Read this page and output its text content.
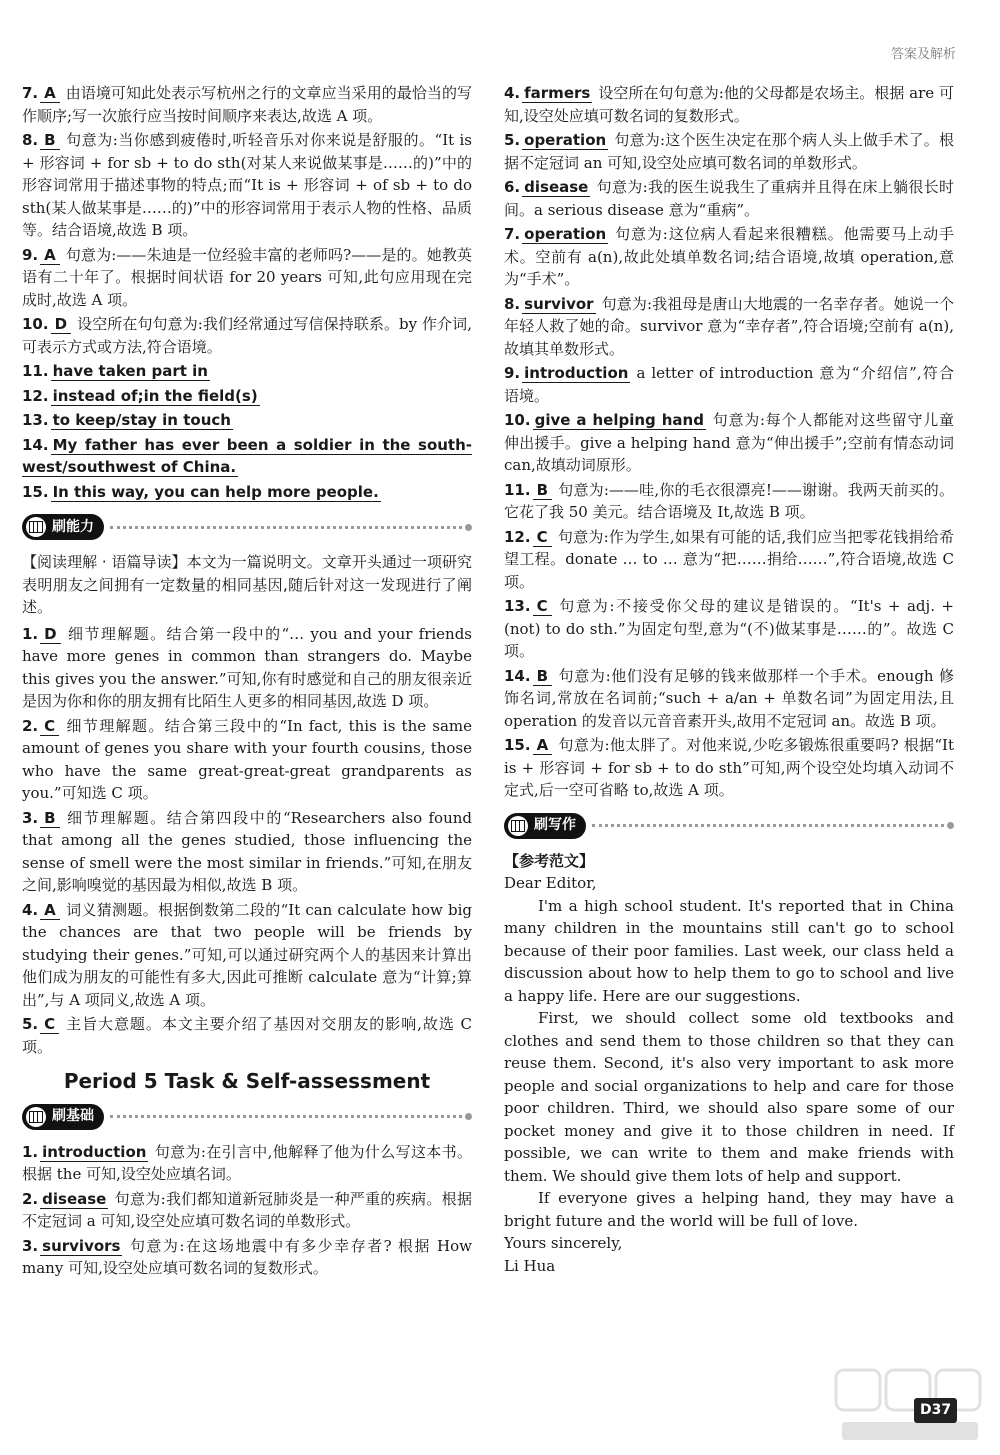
答案及解析
7. A 由语境可知此处表示写杭州之行的文章应当采用的最恰当的写作顺序;写一次旅行应当按时间顺序来表达,故选 A 项。
8. B 句意为:当你感到疲倦时,听轻音乐对你来说是舒服的。“It is + 形容词 + for sb + to do sth(对某人来说做某事是……的)”中的形容词常用于描述事物的特点;而“It is + 形容词 + of sb + to do sth(某人做某事是……的)”中的形容词常用于表示人物的性格、品质等。结合语境,故选 B 项。
9. A 句意为:——朱迪是一位经验丰富的老师吗?——是的。她教英语有二十年了。根据时间状语 for 20 years 可知,此句应用现在完成时,故选 A 项。
10. D 设空所在句句意为:我们经常通过写信保持联系。by 作介词,可表示方式或方法,符合语境。
11. have taken part in
12. instead of;in the field(s)
13. to keep/stay in touch
14. My father has ever been a soldier in the south-west/southwest of China.
15. In this way, you can help more people.
刷能力
【阅读理解 · 语篇导读】本文为一篇说明文。文章开头通过一项研究表明朋友之间拥有一定数量的相同基因,随后针对这一发现进行了阐述。
1. D 细节理解题。结合第一段中的“… you and your friends have more genes in common than strangers do. Maybe this gives you the answer.”可知,你有时感觉和自己的朋友很亲近是因为你和你的朋友拥有比陌生人更多的相同基因,故选 D 项。
2. C 细节理解题。结合第三段中的“In fact, this is the same amount of genes you share with your fourth cousins, those who have the same great-great-great grandparents as you.”可知选 C 项。
3. B 细节理解题。结合第四段中的“Researchers also found that among all the genes studied, those influencing the sense of smell were the most similar in friends.”可知,在朋友之间,影响嗅觉的基因最为相似,故选 B 项。
4. A 词义猜测题。根据倒数第二段的“It can calculate how big the chances are that two people will be friends by studying their genes.”可知,可以通过研究两个人的基因来计算出他们成为朋友的可能性有多大,因此可推断 calculate 意为“计算;算出”,与 A 项同义,故选 A 项。
5. C 主旨大意题。本文主要介绍了基因对交朋友的影响,故选 C 项。
Period 5 Task & Self-assessment
刷基础
1. introduction 句意为:在引言中,他解释了他为什么写这本书。根据 the 可知,设空处应填名词。
2. disease 句意为:我们都知道新冠肺炎是一种严重的疾病。根据不定冠词 a 可知,设空处应填可数名词的单数形式。
3. survivors 句意为:在这场地震中有多少幸存者? 根据 How many 可知,设空处应填可数名词的复数形式。
4. farmers 设空所在句句意为:他的父母都是农场主。根据 are 可知,设空处应填可数名词的复数形式。
5. operation 句意为:这个医生决定在那个病人头上做手术了。根据不定冠词 an 可知,设空处应填可数名词的单数形式。
6. disease 句意为:我的医生说我生了重病并且得在床上躺很长时间。a serious disease 意为“重病”。
7. operation 句意为:这位病人看起来很糟糕。他需要马上动手术。空前有 a(n),故此处填单数名词;结合语境,故填 operation,意为“手术”。
8. survivor 句意为:我祖母是唐山大地震的一名幸存者。她说一个年轻人救了她的命。survivor 意为“幸存者”,符合语境;空前有 a(n),故填其单数形式。
9. introduction a letter of introduction 意为“介绍信”,符合语境。
10. give a helping hand 句意为:每个人都能对这些留守儿童伸出援手。give a helping hand 意为“伸出援手”;空前有情态动词 can,故填动词原形。
11. B 句意为:——哇,你的毛衣很漂亮!——谢谢。我两天前买的。它花了我 50 美元。结合语境及 It,故选 B 项。
12. C 句意为:作为学生,如果有可能的话,我们应当把零花钱捐给希望工程。donate … to … 意为“把……捐给……”,符合语境,故选 C 项。
13. C 句意为:不接受你父母的建议是错误的。“It's + adj. + (not) to do sth.”为固定句型,意为“(不)做某事是……的”。故选 C 项。
14. B 句意为:他们没有足够的钱来做那样一个手术。enough 修饰名词,常放在名词前;“such + a/an + 单数名词”为固定用法,且 operation 的发音以元音音素开头,故用不定冠词 an。故选 B 项。
15. A 句意为:他太胖了。对他来说,少吃多锻炼很重要吗? 根据“It is + 形容词 + for sb + to do sth”可知,两个设空处均填入动词不定式,后一空可省略 to,故选 A 项。
刷写作
【参考范文】

Dear Editor,

I'm a high school student. It's reported that in China many children in the mountains still can't go to school because of their poor families. Last week, our class held a discussion about how to help them to go to school and live a happy life. Here are our suggestions.

First, we should collect some old textbooks and clothes and send them to those children so that they can reuse them. Second, it's also very important to ask more people and social organizations to help and care for those poor children. Third, we should also spare some of our pocket money and give it to those children in need. If possible, we can write to them and make friends with them. We should give them lots of help and support.

If everyone gives a helping hand, they may have a bright future and the world will be full of love.

Yours sincerely,

Li Hua

D37
